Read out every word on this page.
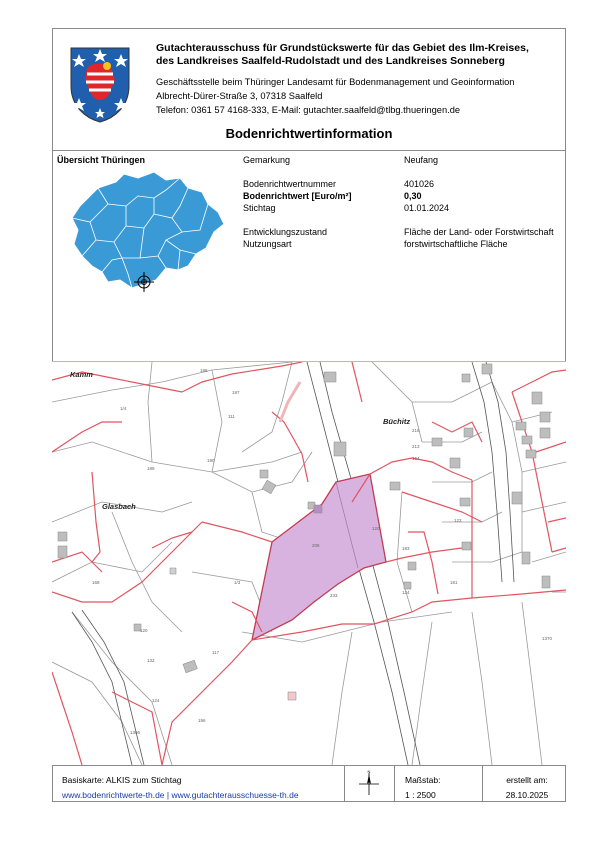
Gutachterausschuss für Grundstückswerte für das Gebiet des Ilm-Kreises,
des Landkreises Saalfeld-Rudolstadt und des Landkreises Sonneberg
Geschäftsstelle beim Thüringer Landesamt für Bodenmanagement und Geoinformation
Albrecht-Dürer-Straße 3, 07318 Saalfeld
Telefon: 0361 57 4168-333, E-Mail: gutachter.saalfeld@tlbg.thueringen.de
Bodenrichtwertinformation
Übersicht Thüringen	Gemarkung	Neufang
Bodenrichtwertnummer	401026
Bodenrichtwert [Euro/m²]	0,30
Stichtag	01.01.2024
Entwicklungszustand	Fläche der Land- oder Forstwirtschaft
Nutzungsart	forstwirtschaftliche Fläche
Kamm
Büchitz
Glasbach
188
1/4
189
197
190
206
233
120
183
124
164
123
181
120
1/3
168
117
132
124
196
1366
1370
216
213
111
Basiskarte: ALKIS zum Stichtag
www.bodenrichtwerte-th.de | www.gutachterausschuesse-th.de
N
Maßstab:
1 : 2500
erstellt am:
28.10.2025
